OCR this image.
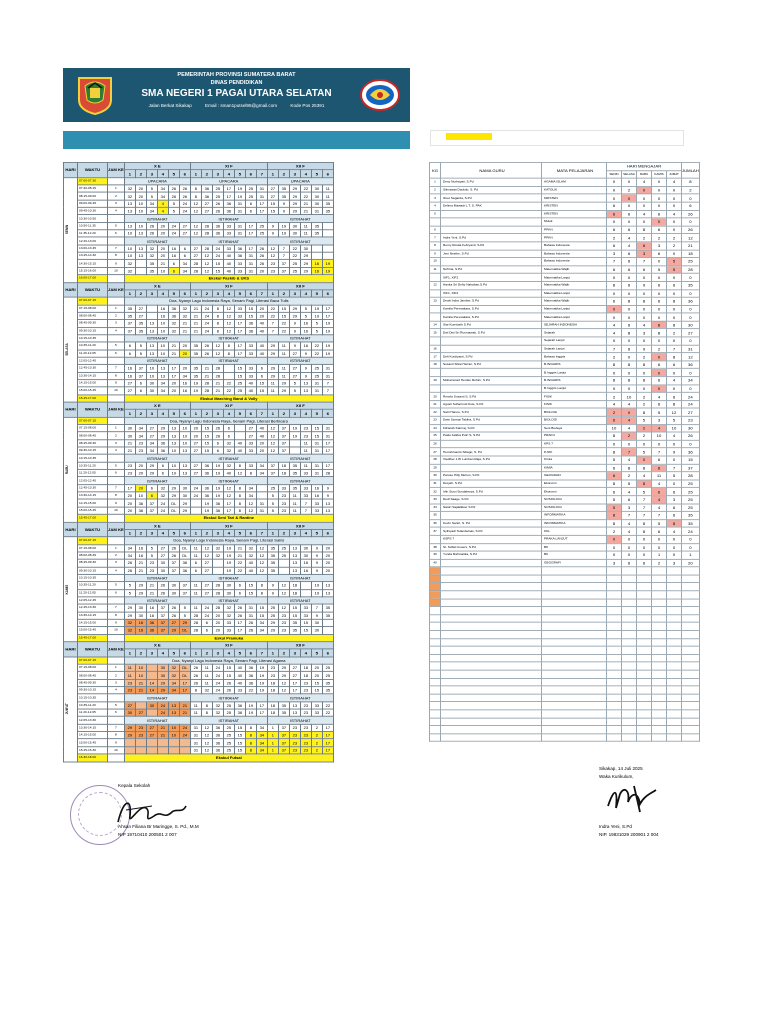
PEMERINTAH PROVINSI SUMATERA BARAT
DINAS PENDIDIKAN
SMA NEGERI 1 PAGAI UTARA SELATAN
Jalan Berkat Sikakap	Email : sman1putsel95@gmail.com	Kode Pos 25391
HARI	WAKTU	JAM KE	X E						XI F							XII F					
			1	2	3	4	5	6	1	2	3	4	5	6	7	1	2	3	4	5	6

SENIN	07.00-07.30		UPACARA						UPACARA							UPACARA					
	07.30-08.15	1	32	20	5	34	26	26	8	36	25	17	19	25	31	27	35	29	22	30	11
	08.15-09.00	2	32	20	5	34	26	26	8	36	25	17	19	25	31	27	35	29	22	30	11
	09.00-09.45	3	13	10	34	4	5	24	12	27	26	36	31	6	17	15	9	29	21	30	35
	09.45-10.30	4	13	10	34	4	5	24	12	27	26	36	31	6	17	15	9	29	21	31	35
	10.30-10.50		ISTIRAHAT						ISTIRAHAT							ISTIRAHAT					
	10.50-11.35	5	13	10	26	20	24	27	12	28	36	33	31	17	25	9	19	30	11	35	
	11.35-12.20	6	10	13	26	20	24	27	12	28	36	33	31	17	25	9	19	30	11	35	
	12.20-13.00		ISTIRAHAT						ISTIRAHAT							ISTIRAHAT					
	13.00-13.45	7	10	13	32	20	16	6	27	28	24	33	36	17	26	12	7	22	30		
	13.45-14.30	8	10	13	32	20	16	6	27	12	24	40	36	31	26	12	7	22	29		
	14.30-15.15	9	32		35	21	6	34	28	12	15	40	33	31	26	23	37	25	29	16	19
	15.15-16.00	10	32		35	10	6	34	28	12	15	40	33	31	20	23	37	25	29	16	19
	16.00-17.00		Ekskul Paskib & UKS																		
HARI	WAKTU	JAM KE	X E						XI F							XII F					
			1	2	3	4	5	6	1	2	3	4	5	6	7	1	2	3	4	5	6

SELASA	07.00-07.15		Doa, Nyanyi Lagu Indonesia Raya, Senam Pagi, Literasi Baca Tulis																		
	07.15-08.00	1	35	27		16	36	32	21	24	8	12	33	15	20	22	15	29	5	19	17
	08.00-08.45	2	35	27		16	36	32	21	24	8	12	33	15	20	22	15	29	5	19	17
	08.45-09.30	3	37	35	13	10	32	21	21	24	8	12	17	36	40	7	22	9	16	5	19
	09.30-10.15	4	37	35	13	10	32	21	21	24	8	12	17	36	40	7	22	9	16	5	19
	10.15-10.35		ISTIRAHAT						ISTIRAHAT							ISTIRAHAT					
	10.35-11.20	5	6	5	13	10	21	20	35	26	12	8	17	33	40	29	11	9	16	22	19
	11.20-12.05	6	6	5	13	10	21	20	35	26	12	8	17	33	40	29	11	27	9	22	19
	12.05-12.45		ISTIRAHAT						ISTIRAHAT							ISTIRAHAT					
	12.45-13.30	7	16	37	10	13	17	20	35	21	28		15	33	6	29	11	27	9	25	31
	13.30-14.15	8	16	37	10	13	17	34	35	21	28		15	33	6	29	11	27	9	25	31
	14.15-15.00	9	27	6	30	34	20	16	19	28	21	22	25	40	15	11	29	5	13	31	7
	15.00-15.45	10	27	6	30	34	20	16	19	28	21	22	25	40	15	11	29	5	13	31	7
	15.45-17.00		Ekskul Marching Band & Volly																		
HARI	WAKTU	JAM KE	X E						XI F							XII F					
			1	2	3	4	5	6	1	2	3	4	5	6	7	1	2	3	4	5	6

RABU	07.00-07.15		Doa, Nyanyi Lagu Indonesia Raya, Senam Pagi, Literasi Berbicara																		
	07.15-08.00	1	30	34	27	29	13	10	20	15	26	6		27	40	12	37	19	23	15	31
	08.00-08.45	2	30	34	27	29	13	10	20	15	26	6		27	40	12	37	19	23	15	31
	08.45-09.30	3	21	23	34	36	13	10	27	15	6	32	40	33	20	12	37		11	31	17
	09.30-10.15	4	21	23	34	36	10	13	27	15	6	32	40	33	20	12	37		11	31	17
	10.15-10.35		ISTIRAHAT						ISTIRAHAT							ISTIRAHAT					
	10.35-11.20	5	23	20	29	6	10	13	27	36	19	32	8	33	34	37	18	35	11	31	17
	11.20-12.05	6	23	20	29	6	10	13	27	36	19	40	12	8	34	37	18	35	33	31	28
	12.05-12.45		ISTIRAHAT						ISTIRAHAT							ISTIRAHAT					
	12.45-13.30	7	17	20	6	32	29	30	24	36	19	12	8	34		25	33	35	33	16	9
	13.30-14.15	8	20	10	6	32	29	30	24	36	19	12	8	34		5	23	11	33	16	9
	14.15-15.00	9	20	36	37	24	DL	29		19	36	17	8	12	31	5	23	11	7	33	13
	15.00-15.45	10	20	36	37	24	DL	29		19	36	17	8	12	31	5	23	11	7	33	13
	15.45-17.00		Ekskul Seni Tari & Rantine																		
HARI	WAKTU	JAM KE	X E						XI F							XII F					
			1	2	3	4	5	6	1	2	3	4	5	6	7	1	2	3	4	5	6

KAMIS	07.00-07.15		Doa, Nyanyi Lagu Indonesia Raya, Senam Pagi, Literasi Sains																		
	07.15-08.00	1	34	16	5	27	26	DL	11	12	32	19	21	32	12	35	25	13	30	9	20
	08.00-08.45	2	34	16	5	27	26	DL	11	12	32	19	21	32	12	35	25	13	30	9	20
	08.45-09.30	3	26	21	23	30	37	36	6	27		19	22	40	12	35		13	16	9	20
	09.30-10.15	4	26	21	23	30	37	36	6	27		19	22	40	12	35		13	16	9	20
	10.15-10.35		ISTIRAHAT						ISTIRAHAT							ISTIRAHAT					
	10.35-11.20	5	5	29	21	26	30	37	11	27	28	30	6	15	8	9	12	18		19	13
	11.20-12.05	6	5	29	21	26	30	37	11	27	28	30	6	15	8	9	12	18		19	13
	12.05-12.45		ISTIRAHAT						ISTIRAHAT							ISTIRAHAT					
	12.45-13.30	7	29	30	16	37	26	5	11	24	28	32	26	31	15	25	12	15	33	7	35
	13.30-14.15	8	29	30	16	37	26	5	28	24	20	32	26	31	15	25	23	15	33	9	35
	14.15-15.00	9	32	16	36	37	27	29	28	6	20	33	17	26	34	29	23	35	15	30	
	15.00-15.45	10	32	16	36	37	29	DL	28	6	20	33	17	26	34	29	23	35	15	30	
	15.45-17.00		Eskul Pramuka																		
HARI	WAKTU	JAM KE	X E						XI F							XII F					
			1	2	3	4	5	6	1	2	3	4	5	6	7	1	2	3	4	5	6

JUM'AT	07.00-07.15		Doa, Nyanyi Lagu Indonesia Raya, Senam Pagi, Literasi Agama																		
	07.15-08.00	1	11	10		30	32	DL	26	11	24	15	40	36	19	23	29	27	18	20	25
	08.00-08.45	2	11	10		30	32	DL	26	11	24	15	40	36	19	23	29	27	18	20	25
	08.45-09.30	3	23	21	14	29	34	17	26	11	24	26	40	36	19	18	12	17	23	15	35
	09.30-10.15	4	23	21	14	29	34	17	8	32	24	26	33	22	19	18	12	17	23	15	35
	10.15-10.35		ISTIRAHAT						ISTIRAHAT							ISTIRAHAT					
	10.35-11.20	5	27		30	24	13	21	11	8	32	25	36	19	17	18	35	13	23	33	22
	11.20-12.05	6	30	27		24	13	21	11	8	32	25	36	19	17	18	35	13	23	33	22
	12.05-13.30		ISTIRAHAT						ISTIRAHAT							ISTIRAHAT					
	13.30-14.15	7	29	23	27	21	10	24	31	12	36	25	15	8	34	1	37	23	23	2	17
	14.15-15.00	8	29	23	27	21	10	24	31	12	36	25	15	8	34	1	37	23	23	2	17
	15.00-15.45	9							31	12	36	25	15	8	34	1	37	23	23	2	17
	15.45-16.30	10							31	12	36	25	15	8	34	1	37	23	23	2	17
	16.30-18.00		Ekskul Futsal																		
KG	NAMA GURU	MATA PELAJARAN	HARI MENGAJAR					JUMLAH
			SENIN	SELASA	RABU	KAMIS	JUMAT	
1	Desy Nurhayati, S.Pd	AGAMA ISLAM	0	0	4	0	4	8
2	Silmawati Daulolo, S. Pd	KATOLIK	0	2	0	0	0	2
3	Ilmet Sagarda, S.Pd	KRISTEN	0	0	0	0	0	0
4	Delima Mawadi L.T, S. PAK	KRISTEN	6	0	0	0	0	6
5		KRISTEN	6	6	4	6	4	26
		Mulok	0	0	0	0	0	0
6		PPKN	6	6	8	6	0	26
7	Indra Yeni, S.Pd	PPKN	2	4	2	2	2	12
8	Remy Rosita Febryanti, S.Pd	Bahasa Indonesia	6	4	6	3	2	21
9	Jeni Nesthe, S.Pd	Bahasa Indonesia	3	6	3	6	0	18
10		Bahasa Indonesia	7	6	7	0	5	25
11	Nofrina, S.Pd	Matematika Wajib	6	6	6	5	5	28
	XIF1, XIF2	Matematika Lanjut	0	0	0	0	0	0
12	Hanita Sri Defty Nahaban,S.Pd	Matematika Wajib	8	6	9	6	6	35
	XIF1, XIF2	Matematika Lanjut	0	0	0	0	0	0
13	Dewii Indra Jamber, S.Pd	Matematika Wajib	6	8	8	6	8	36
	Kamila Peresakara, S.Pd	Matematika Lanjut	0	0	0	0	0	0
	Kamila Peresakara, S.Pd	Matematika Lanjut	0	0	0	0	0	0
14	Siar Kurniasih S.Pd	SEJARAH INDONESIA	4	6	4	8	8	30
15	Dwi Dwi Sri Rusmawati, S.Pd	Sejarah	4	8	3	8	2	27
		Sejarah Lanjut	0	0	0	0	0	0
16		Sejarah Lanjut	7	6	9	2	7	31
17	Defi Kurdiyanti, S.Pd	Bahasa Inggris	2	0	2	0	8	12
18	Susanti Shiai Harrier, S.Pd	B.INGGRIS	8	8	8	6	6	36
		B.Inggris Lanjut	0	0	0	0	0	0
19	Mohammad Heroku Rohim, S.Pd	B.INGGRIS	8	8	8	6	4	34
		B.Inggris Lanjut	0	0	0	0	0	0
20	Resela Susanti S, S.Pd	FISIK	2	10	2	4	6	24
21	Agusti Suharmuti Kule, S.Pd	FISIK	4	4	2	6	8	24
22	Satri Hanno, S.Pd	BIOLOGI	2	0	8	5	12	27
23	Dwis Sarmai Tabiha, S.Pd	BIOLOGI	6	4	5	3	5	23
24	Fitriarah Karmaj, S.Pd	Seni Budaya	10	4	2	4	10	30
25	Paski Jalirka Putri S, S.Pd	PRAKU	8	2	2	10	4	26
26		KPS 7	0	0	0	0	0	0
27	Herrahmanto Sitiago, S. Pd	PJOK	8	7	5	7	9	36
28	Vlediber J.W Lumban Raja, S.Pd	Kimia	5	4	0	6	0	15
29		KIMIA	6	8	8	8	7	37
30	Parose Hilly Mehon, S.Pd	GEOGRAFI	6	2	4	11	5	28
31	Detyah, S.Pd	Ekonomi	8	5	8	4	0	25
32	Irfin Suryi Susdaksrya, S.Pd	Ekonomi	6	4	5	6	6	25
33	Dedi Saage, S.Pd	SOSIOLOGI	5	6	7	4	3	25
34	Nastri Sajakikkal, S.Pd	SOSIOLOGI	5	3	7	4	6	25
35		INFORMATIKA	8	7	7	7	6	35
36	Kevin Santri, S. Pd	INFORMATIKA	8	4	8	5	8	35
37	Syifsyadi Telandamas, S.Pd	KKL	2	4	8	6	4	24
	KSPS 7	PRAKA LANJUT	0	0	0	0	0	0
38	St. Sofial Linuers, S.Pd	BK	0	0	0	0	0	0
39	Yunda Rahmatika, S.Pd	BK	0	0	0	1	0	1
40		GEOGRAFI	3	6	6	2	3	20

Kepala Sekolah
Ahsan Filiana Br Maringge, S. Pd., M.M
NIP 19710410 200501 2 007
Sikakap, 14 Juli 2025
Waka Kurikulum,
Indra Yeni, S.Pd
NIP. 19831029 200901 2 004
